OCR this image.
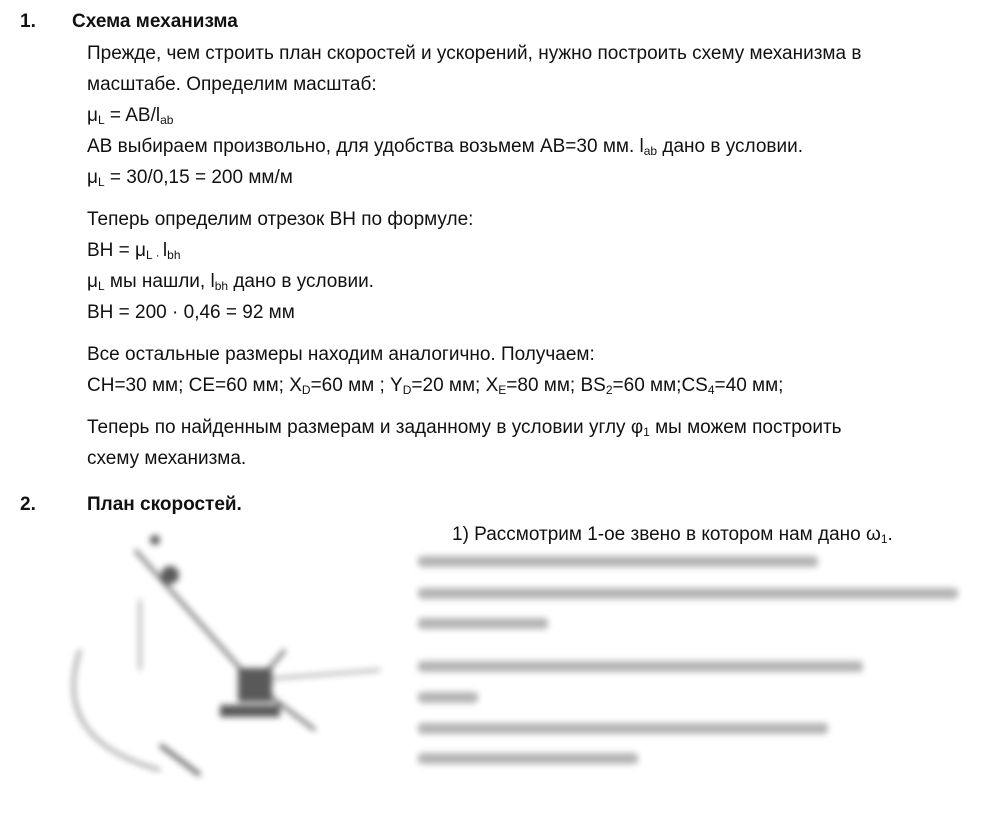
1. Схема механизма
Прежде, чем строить план скоростей и ускорений, нужно построить схему механизма в
масштабе. Определим масштаб:
$\mu_L = AB/l_{ab}$
AB выбираем произвольно, для удобства возьмем AB=30 мм. $l_{ab}$ дано в условии.
$\mu_L = 30/0,15 = 200$ мм/м
Теперь определим отрезок BH по формуле:
BH = $\mu_{L \cdot}$ $l_{bh}$
$\mu_L$ мы нашли, $l_{bh}$ дано в условии.
BH = 200 · 0,46 = 92 мм
Все остальные размеры находим аналогично. Получаем:
CH=30 мм; CE=60 мм; $X_D=60$ мм ; $Y_D=20$ мм; $X_E=80$ мм; $BS_2=60$ $мм;CS_4=40$ мм;
Теперь по найденным размерам и заданному в условии углу $\varphi_1$ мы можем построить
схему механизма.
2.	План скоростей.
1) Рассмотрим 1-ое звено в котором нам дано $\omega_1$.
